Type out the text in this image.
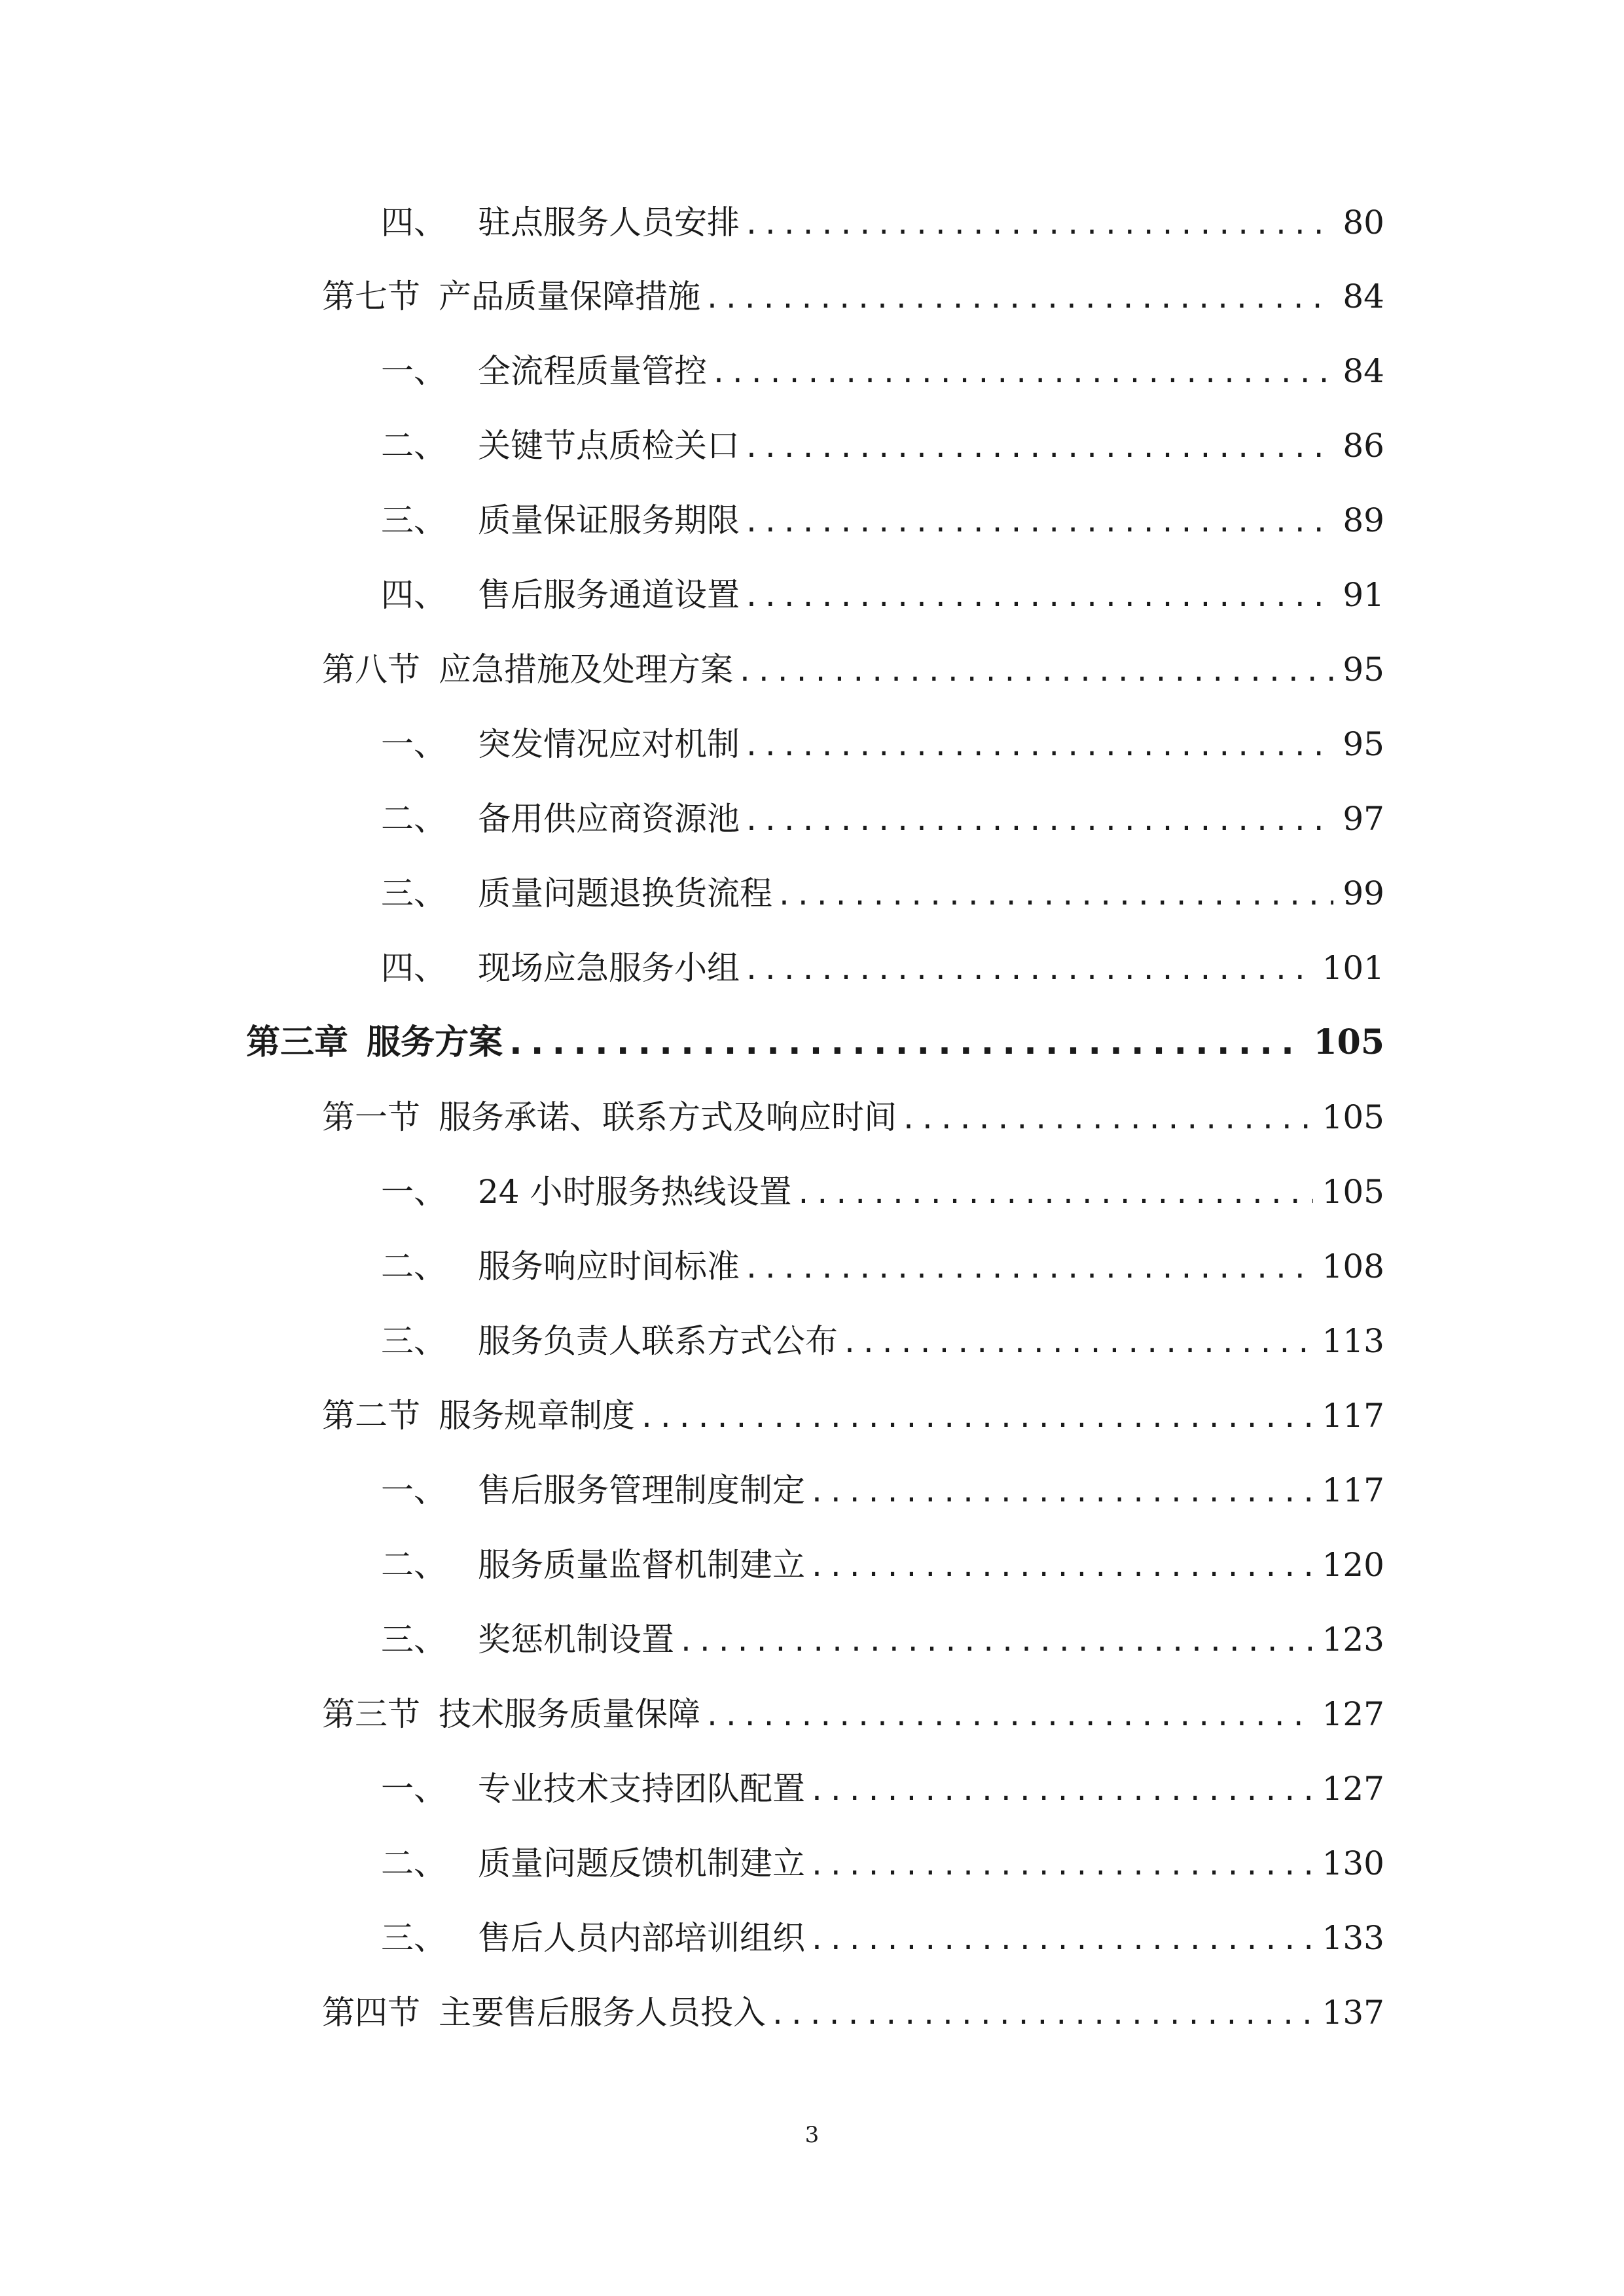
四、 驻点服务人员安排 .....	80
第七节 产品质量保障措施 .....	84
一、 全流程质量管控 .....	84
二、 关键节点质检关口 .....	86
三、 质量保证服务期限 .....	89
四、 售后服务通道设置 .....	91
第八节 应急措施及处理方案 .....	95
一、 突发情况应对机制 .....	95
二、 备用供应商资源池 .....	97
三、 质量问题退换货流程 .....	99
四、 现场应急服务小组 .....	101
第三章 服务方案 .....	105
第一节 服务承诺、联系方式及响应时间 .....	105
一、 24 小时服务热线设置 .....	105
二、 服务响应时间标准 .....	108
三、 服务负责人联系方式公布 .....	113
第二节 服务规章制度 .....	117
一、 售后服务管理制度制定 .....	117
二、 服务质量监督机制建立 .....	120
三、 奖惩机制设置 .....	123
第三节 技术服务质量保障 .....	127
一、 专业技术支持团队配置 .....	127
二、 质量问题反馈机制建立 .....	130
三、 售后人员内部培训组织 .....	133
第四节 主要售后服务人员投入 .....	137
3
